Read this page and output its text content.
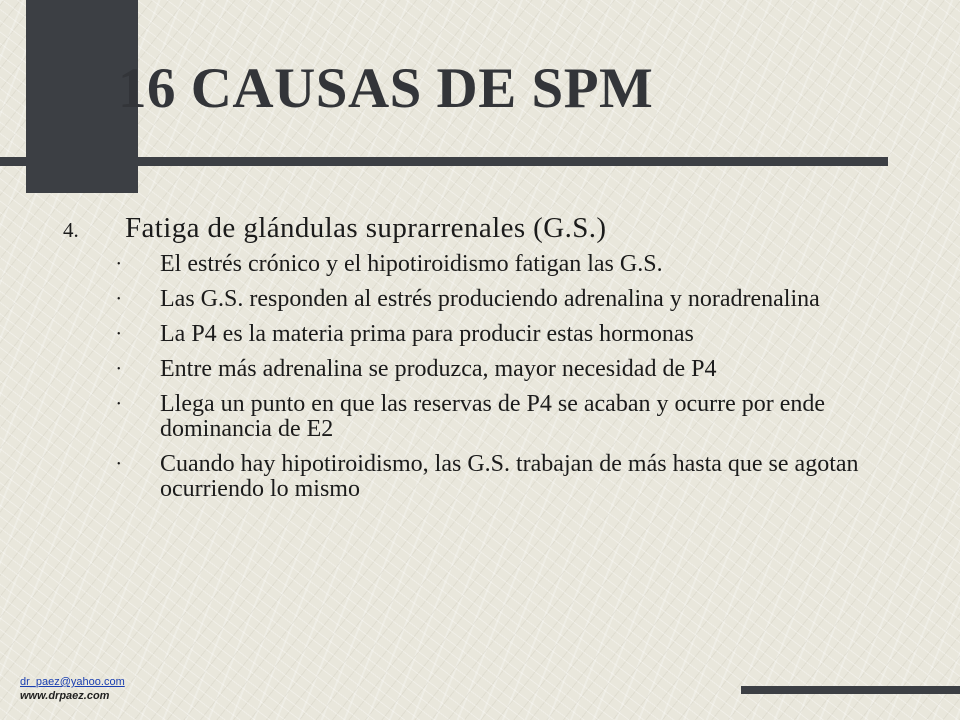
16 CAUSAS DE SPM
4.	Fatiga de glándulas suprarrenales (G.S.)
•	El estrés crónico y el hipotiroidismo fatigan las G.S.
•	Las G.S. responden al estrés produciendo adrenalina y noradrenalina
•	La P4 es la materia prima para producir estas hormonas
•	Entre más adrenalina se produzca, mayor necesidad de P4
•	Llega un punto en que las reservas de P4 se acaban y ocurre por ende dominancia de E2
•	Cuando hay hipotiroidismo, las G.S. trabajan de más hasta que se agotan ocurriendo lo mismo
dr_paez@yahoo.com
www.drpaez.com
